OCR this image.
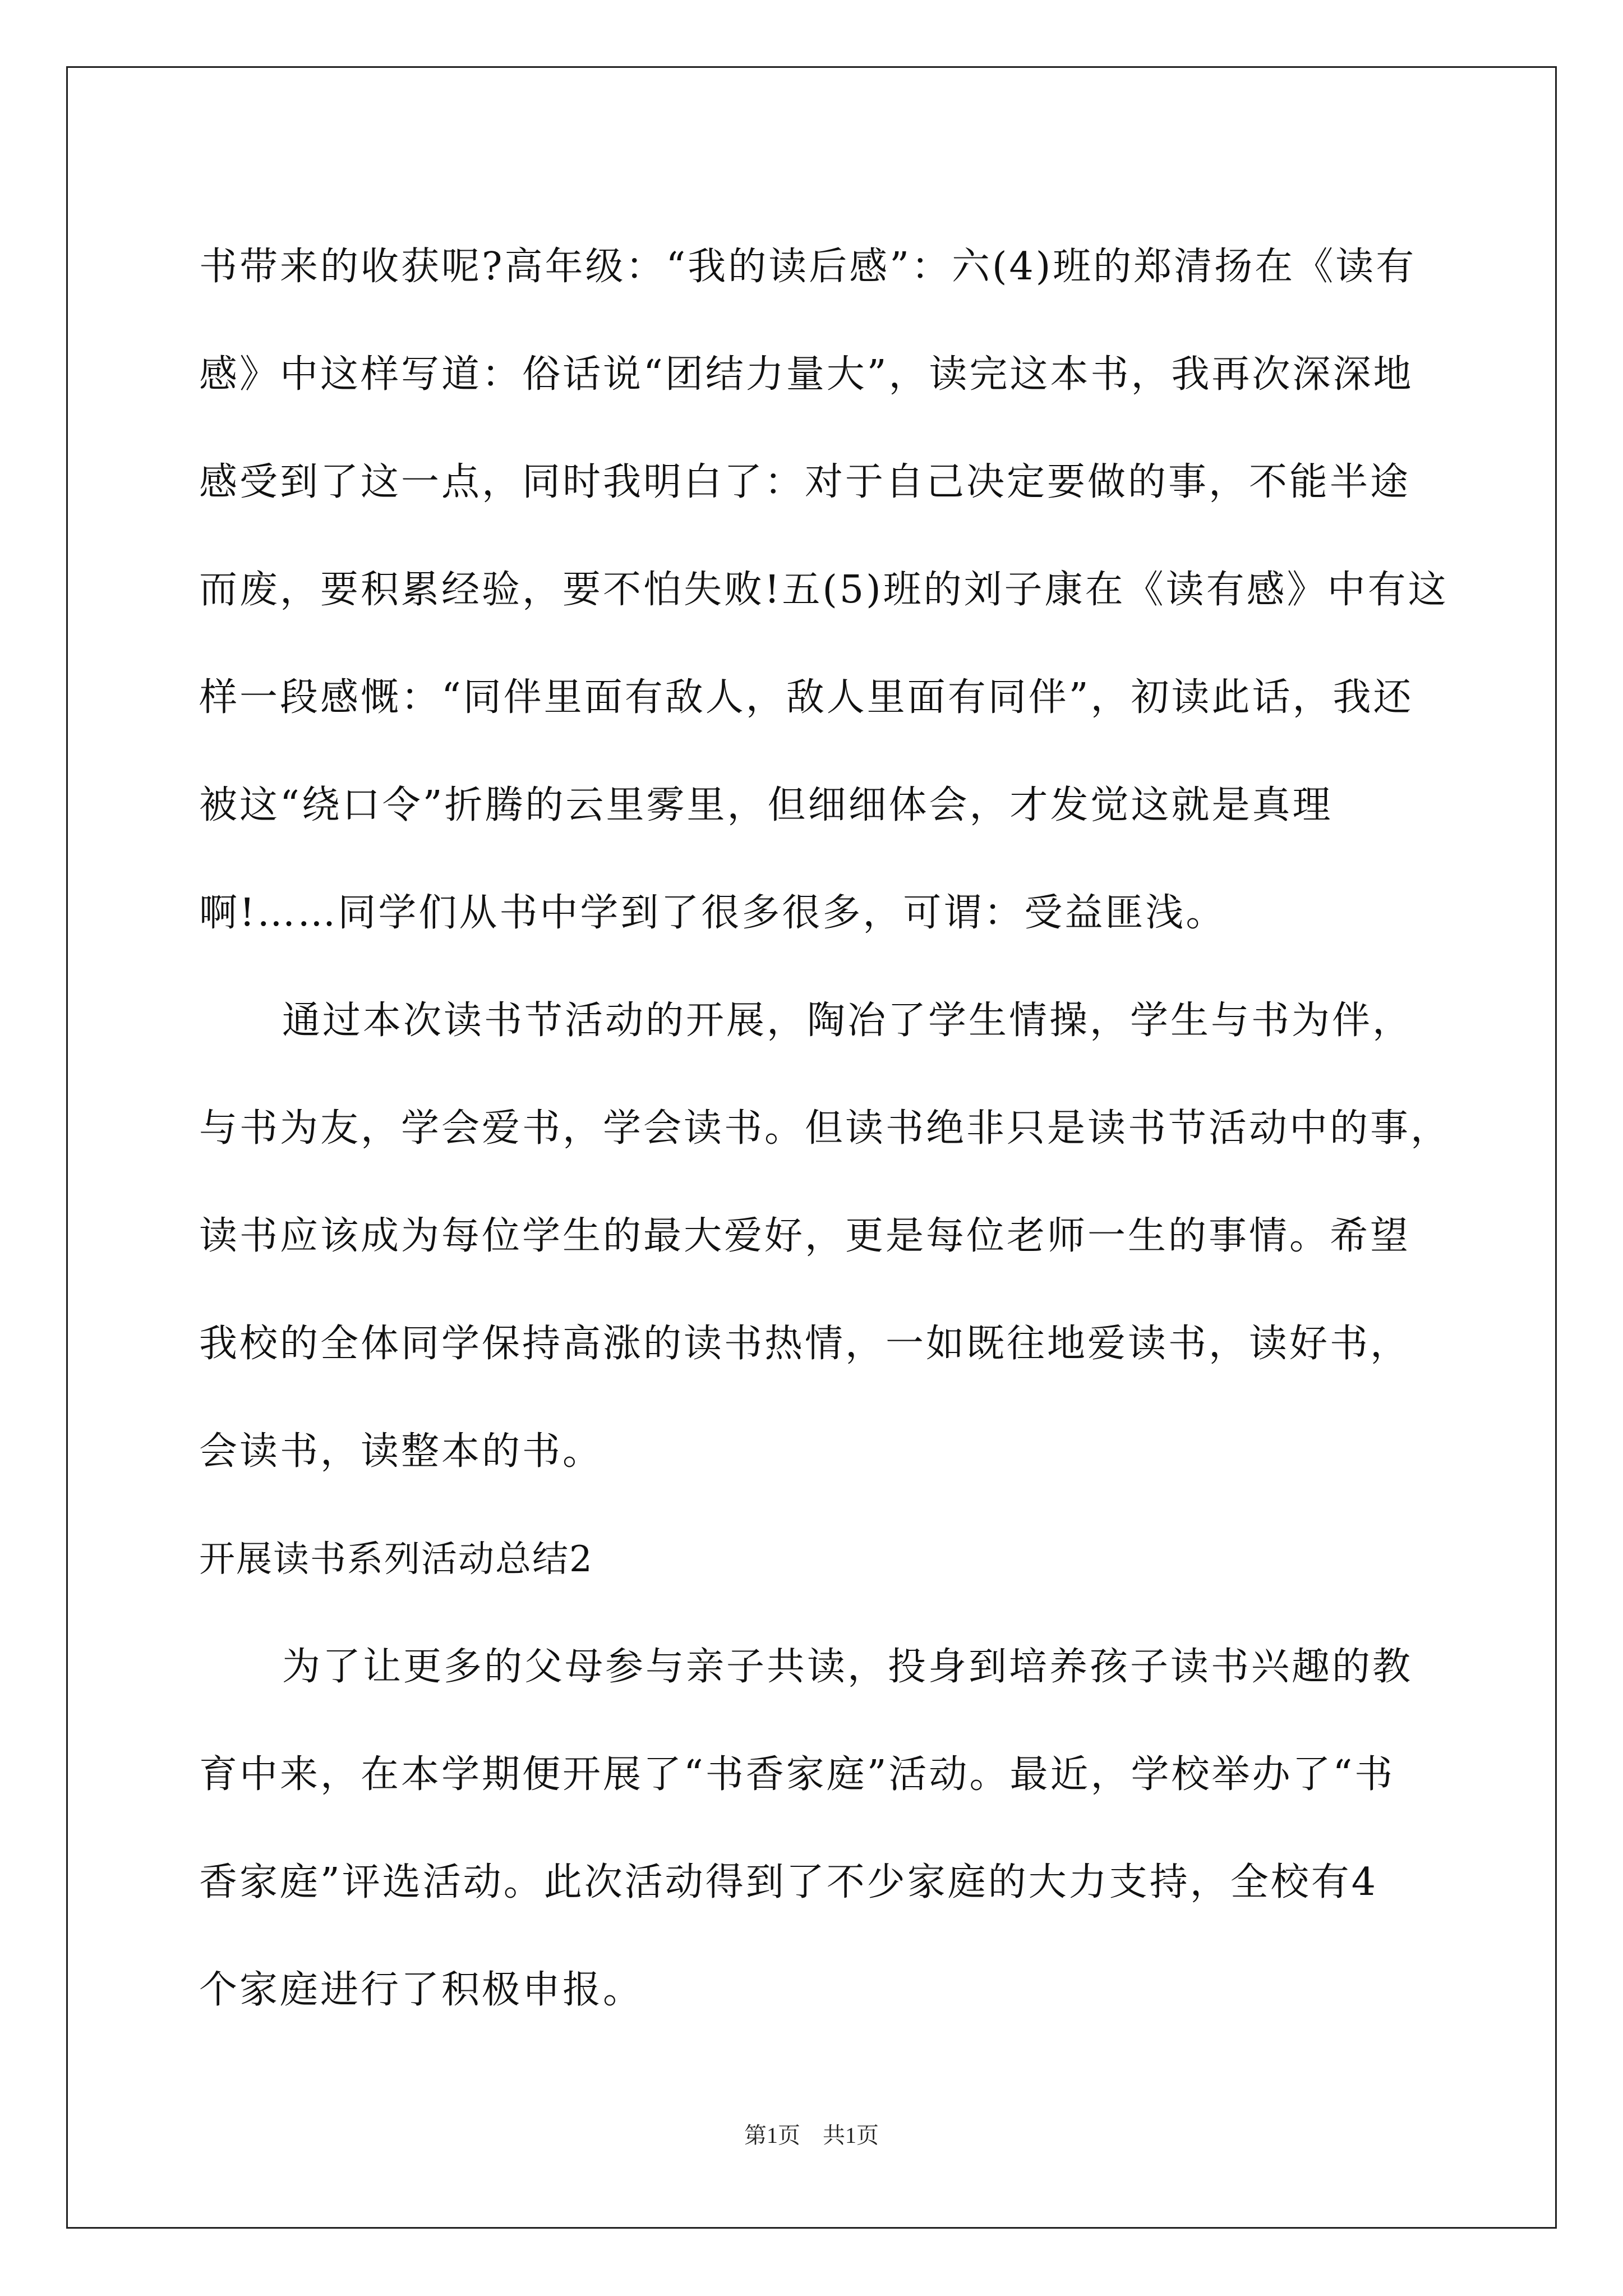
书带来的收获呢?高年级：“我的读后感”：六(4)班的郑清扬在《读有
感》中这样写道：俗话说“团结力量大”，读完这本书，我再次深深地
感受到了这一点，同时我明白了：对于自己决定要做的事，不能半途
而废，要积累经验，要不怕失败!五(5)班的刘子康在《读有感》中有这
样一段感慨：“同伴里面有敌人，敌人里面有同伴”，初读此话，我还
被这“绕口令”折腾的云里雾里，但细细体会，才发觉这就是真理
啊!……同学们从书中学到了很多很多，可谓：受益匪浅。
通过本次读书节活动的开展，陶冶了学生情操，学生与书为伴，
与书为友，学会爱书，学会读书。但读书绝非只是读书节活动中的事，
读书应该成为每位学生的最大爱好，更是每位老师一生的事情。希望
我校的全体同学保持高涨的读书热情，一如既往地爱读书，读好书，
会读书，读整本的书。
开展读书系列活动总结2
为了让更多的父母参与亲子共读，投身到培养孩子读书兴趣的教
育中来，在本学期便开展了“书香家庭”活动。最近，学校举办了“书
香家庭”评选活动。此次活动得到了不少家庭的大力支持，全校有4
个家庭进行了积极申报。
第1页　共1页
